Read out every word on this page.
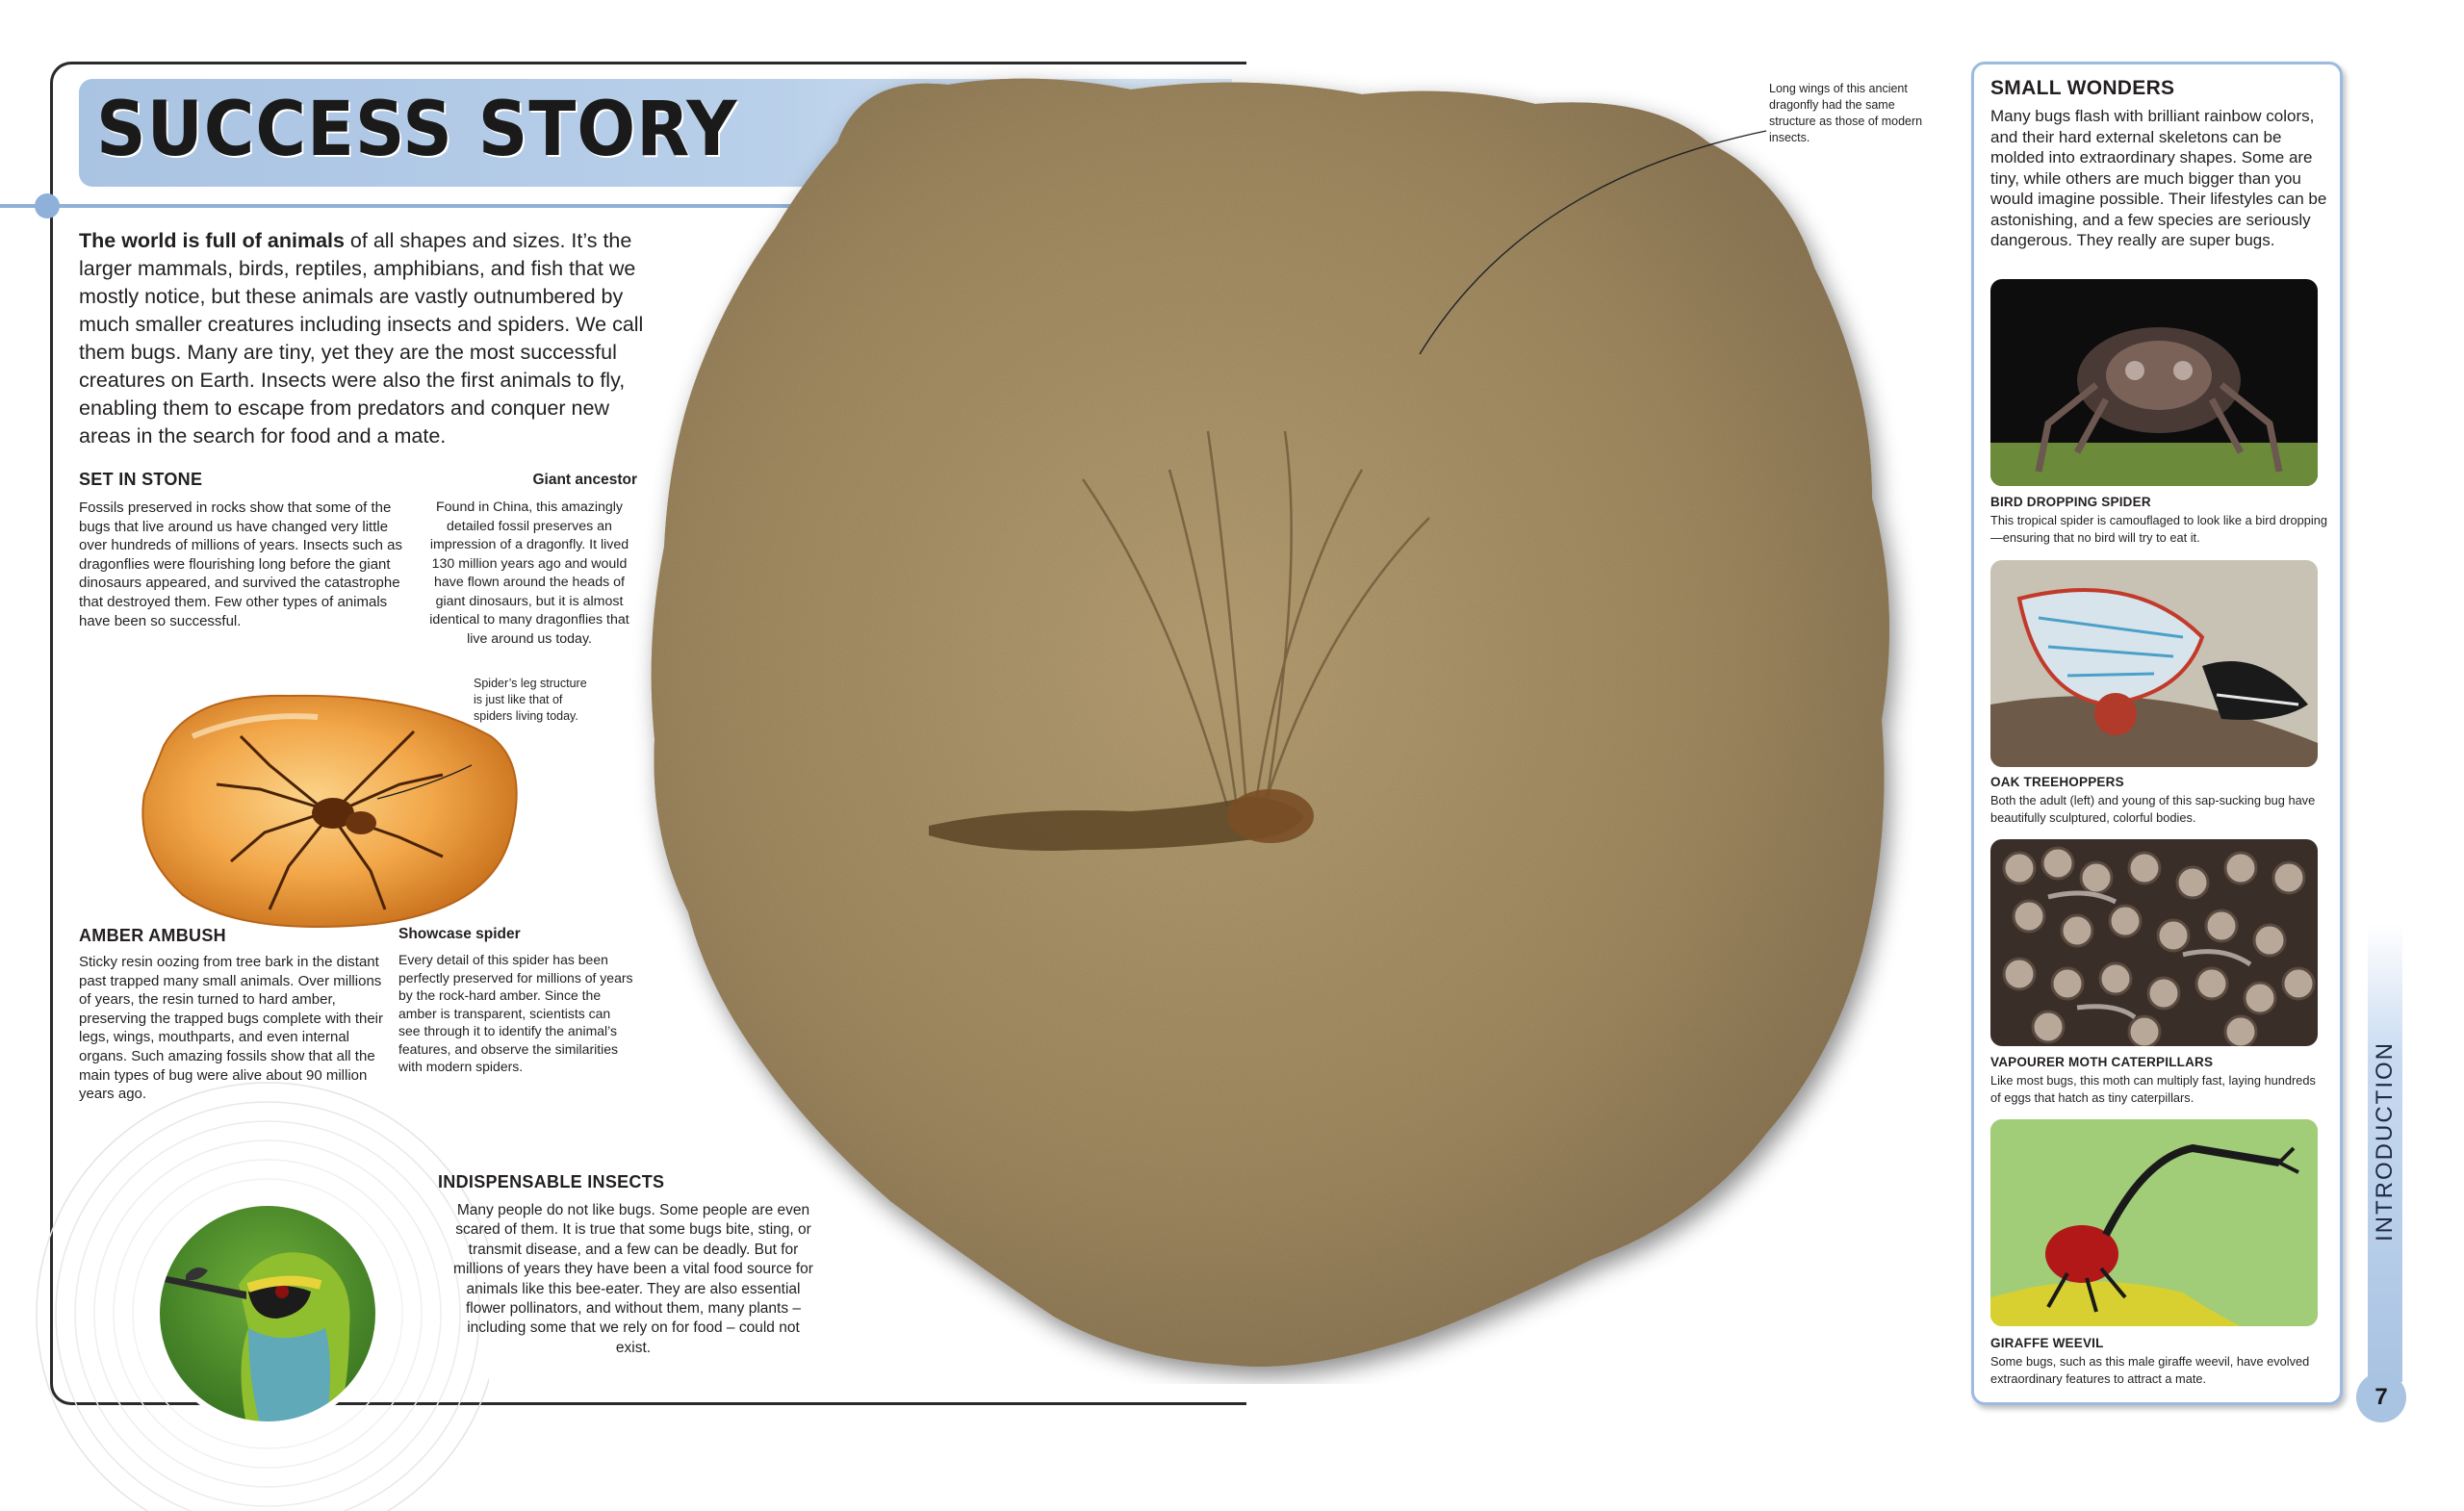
SUCCESS STORY
The world is full of animals of all shapes and sizes. It’s the larger mammals, birds, reptiles, amphibians, and fish that we mostly notice, but these animals are vastly outnumbered by much smaller creatures including insects and spiders. We call them bugs. Many are tiny, yet they are the most successful creatures on Earth. Insects were also the first animals to fly, enabling them to escape from predators and conquer new areas in the search for food and a mate.
SET IN STONE
Fossils preserved in rocks show that some of the bugs that live around us have changed very little over hundreds of millions of years. Insects such as dragonflies were flourishing long before the giant dinosaurs appeared, and survived the catastrophe that destroyed them. Few other types of animals have been so successful.
Giant ancestor
Found in China, this amazingly detailed fossil preserves an impression of a dragonfly. It lived 130 million years ago and would have flown around the heads of giant dinosaurs, but it is almost identical to many dragonflies that live around us today.
Spider’s leg structure is just like that of spiders living today.
AMBER AMBUSH
Sticky resin oozing from tree bark in the distant past trapped many small animals. Over millions of years, the resin turned to hard amber, preserving the trapped bugs complete with their legs, wings, mouthparts, and even internal organs. Such amazing fossils show that all the main types of bug were alive about 90 million years ago.
Showcase spider
Every detail of this spider has been perfectly preserved for millions of years by the rock-hard amber. Since the amber is transparent, scientists can see through it to identify the animal’s features, and observe the similarities with modern spiders.
INDISPENSABLE INSECTS
Many people do not like bugs. Some people are even scared of them. It is true that some bugs bite, sting, or transmit disease, and a few can be deadly. But for millions of years they have been a vital food source for animals like this bee-eater. They are also essential flower pollinators, and without them, many plants – including some that we rely on for food – could not exist.
Long wings of this ancient dragonfly had the same structure as those of modern insects.
SMALL WONDERS
Many bugs flash with brilliant rainbow colors, and their hard external skeletons can be molded into extraordinary shapes. Some are tiny, while others are much bigger than you would imagine possible. Their lifestyles can be astonishing, and a few species are seriously dangerous. They really are super bugs.
BIRD DROPPING SPIDER
This tropical spider is camouflaged to look like a bird dropping—ensuring that no bird will try to eat it.
OAK TREEHOPPERS
Both the adult (left) and young of this sap-sucking bug have beautifully sculptured, colorful bodies.
VAPOURER MOTH CATERPILLARS
Like most bugs, this moth can multiply fast, laying hundreds of eggs that hatch as tiny caterpillars.
GIRAFFE WEEVIL
Some bugs, such as this male giraffe weevil, have evolved extraordinary features to attract a mate.
7
